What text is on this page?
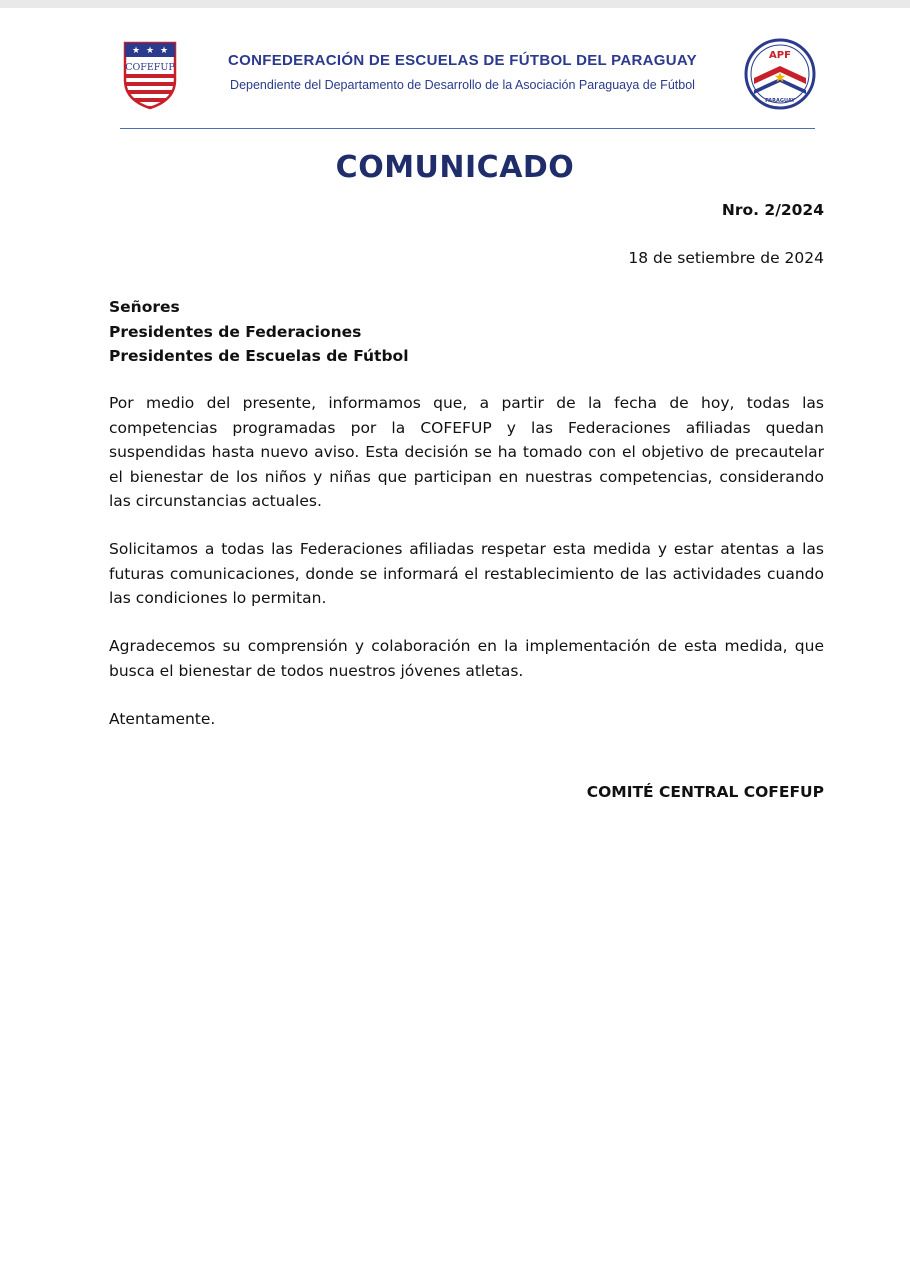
★ ★ ★
COFEFUP	CONFEDERACIÓN DE ESCUELAS DE FÚTBOL DEL PARAGUAY
Dependiente del Departamento de Desarrollo de la Asociación Paraguaya de Fútbol	★
APF
PARAGUAY
COMUNICADO
Nro. 2/2024
18 de setiembre de 2024
Señores
Presidentes de Federaciones
Presidentes de Escuelas de Fútbol
Por medio del presente, informamos que, a partir de la fecha de hoy, todas las competencias programadas por la COFEFUP y las Federaciones afiliadas quedan suspendidas hasta nuevo aviso. Esta decisión se ha tomado con el objetivo de precautelar el bienestar de los niños y niñas que participan en nuestras competencias, considerando las circunstancias actuales.
Solicitamos a todas las Federaciones afiliadas respetar esta medida y estar atentas a las futuras comunicaciones, donde se informará el restablecimiento de las actividades cuando las condiciones lo permitan.
Agradecemos su comprensión y colaboración en la implementación de esta medida, que busca el bienestar de todos nuestros jóvenes atletas.
Atentamente.
COMITÉ CENTRAL COFEFUP
